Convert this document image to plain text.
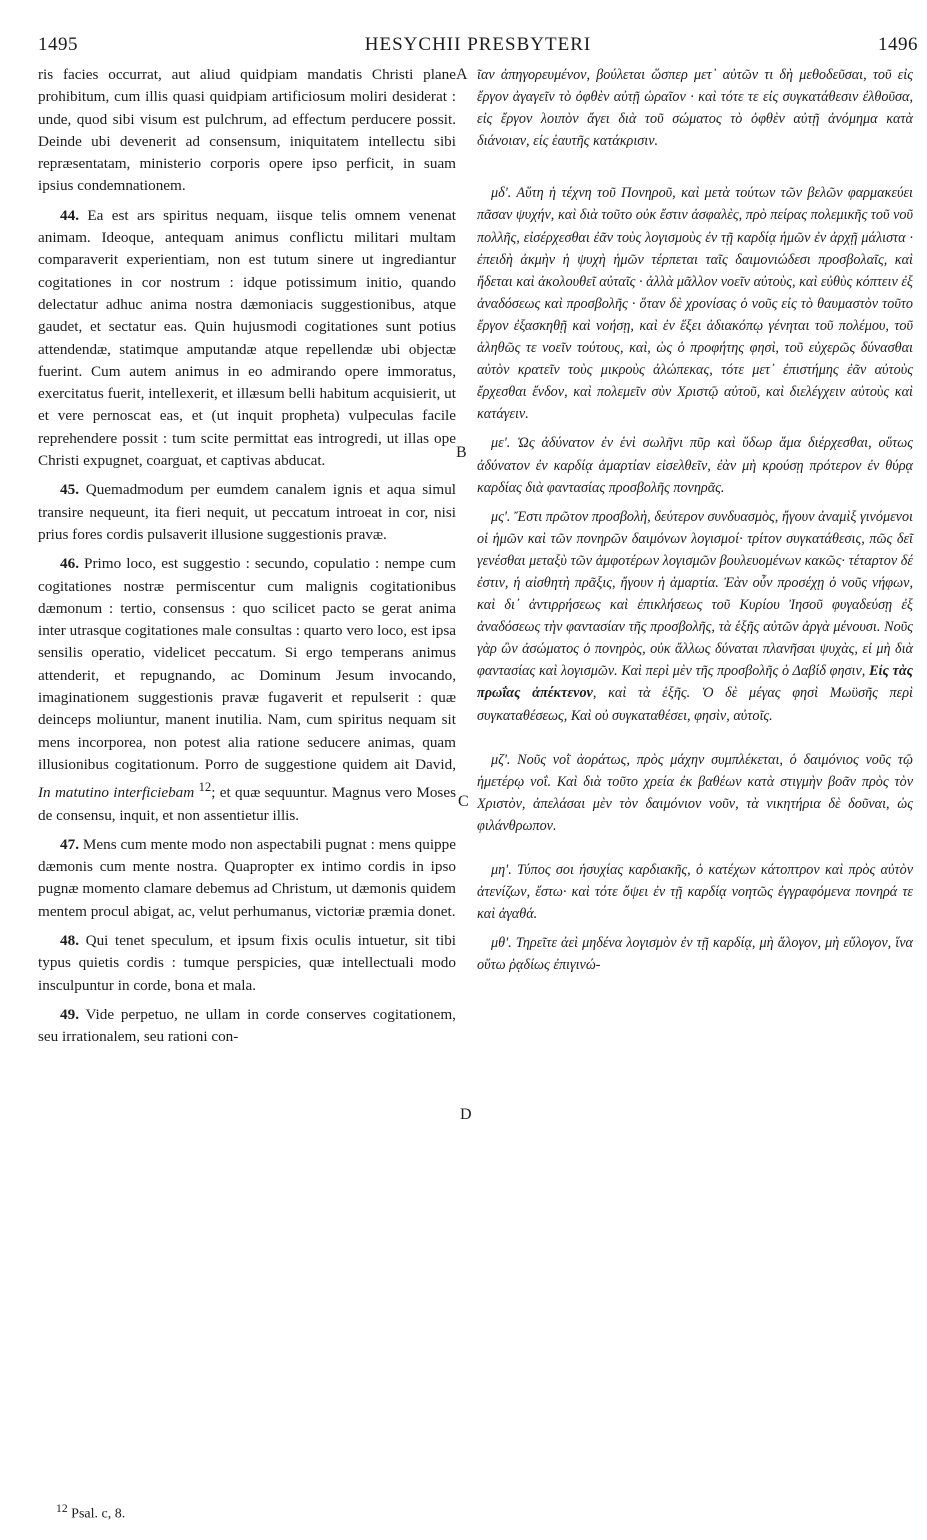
1495	HESYCHII PRESBYTERI	1496
A
B
C
D

ris facies occurrat, aut aliud quidpiam mandatis Christi plane prohibitum, cum illis quasi quidpiam artificiosum moliri desiderat : unde, quod sibi visum est pulchrum, ad effectum perducere possit. Deinde ubi devenerit ad consensum, iniquitatem intellectu sibi repræsentatam, ministerio corporis opere ipso perficit, in suam ipsius condemnationem.

44. Ea est ars spiritus nequam, iisque telis omnem venenat animam. Ideoque, antequam animus conflictu militari multam comparaverit experientiam, non est tutum sinere ut ingrediantur cogitationes in cor nostrum : idque potissimum initio, quando delectatur adhuc anima nostra dæmoniacis suggestionibus, atque gaudet, et sectatur eas. Quin hujusmodi cogitationes sunt potius attendendæ, statimque amputandæ atque repellendæ ubi objectæ fuerint. Cum autem animus in eo admirando opere immoratus, exercitatus fuerit, intellexerit, et illæsum belli habitum acquisierit, ut et vere pernoscat eas, et (ut inquit propheta) vulpeculas facile reprehendere possit : tum scite permittat eas introgredi, ut illas ope Christi expugnet, coarguat, et captivas abducat.

45. Quemadmodum per eumdem canalem ignis et aqua simul transire nequeunt, ita fieri nequit, ut peccatum introeat in cor, nisi prius fores cordis pulsaverit illusione suggestionis pravæ.

46. Primo loco, est suggestio : secundo, copulatio : nempe cum cogitationes nostræ permiscentur cum malignis cogitationibus dæmonum : tertio, consensus : quo scilicet pacto se gerat anima inter utrasque cogitationes male consultas : quarto vero loco, est ipsa sensilis operatio, videlicet peccatum. Si ergo temperans animus attenderit, et repugnando, ac Dominum Jesum invocando, imaginationem suggestionis pravæ fugaverit et repulserit : quæ deinceps moliuntur, manent inutilia. Nam, cum spiritus nequam sit mens incorporea, non potest alia ratione seducere animas, quam illusionibus cogitationum. Porro de suggestione quidem ait David, In matutino interficiebam $^{12}$; et quæ sequuntur. Magnus vero Moses de consensu, inquit, et non assentietur illis.

47. Mens cum mente modo non aspectabili pugnat : mens quippe dæmonis cum mente nostra. Quapropter ex intimo cordis in ipso pugnæ momento clamare debemus ad Christum, ut dæmonis quidem mentem procul abigat, ac, velut perhumanus, victoriæ præmia donet.

48. Qui tenet speculum, et ipsum fixis oculis intuetur, sit tibi typus quietis cordis : tumque perspicies, quæ intellectuali modo insculpuntur in corde, bona et mala.

49. Vide perpetuo, ne ullam in corde conserves cogitationem, seu irrationalem, seu rationi con-

ῖαν ἀπηγορευμένον, βούλεται ὥσπερ μετ᾽ αὐτῶν τι δὴ μεθοδεῦσαι, τοῦ εἰς ἔργον ἀγαγεῖν τὸ ὀφθὲν αὐτῇ ὡραῖον · καὶ τότε τε εἰς συγκατάθεσιν ἐλθοῦσα, εἰς ἔργον λοιπὸν ἄγει διὰ τοῦ σώματος τὸ ὀφθὲν αὐτῇ ἀνόμημα κατὰ διάνοιαν, εἰς ἑαυτῆς κατάκρισιν.

μδ'. Αὕτη ἡ τέχνη τοῦ Πονηροῦ, καὶ μετὰ τούτων τῶν βελῶν φαρμακεύει πᾶσαν ψυχήν, καὶ διὰ τοῦτο οὐκ ἔστιν ἀσφαλὲς, πρὸ πείρας πολεμικῆς τοῦ νοῦ πολλῆς, εἰσέρχεσθαι ἐᾶν τοὺς λογισμοὺς ἐν τῇ καρδίᾳ ἡμῶν ἐν ἀρχῇ μάλιστα · ἐπειδὴ ἀκμὴν ἡ ψυχὴ ἡμῶν τέρπεται ταῖς δαιμονιώδεσι προσβολαῖς, καὶ ἥδεται καὶ ἀκολουθεῖ αὐταῖς · ἀλλὰ μᾶλλον νοεῖν αὐτοὺς, καὶ εὐθὺς κόπτειν ἐξ ἀναδόσεως καὶ προσβολῆς · ὅταν δὲ χρονίσας ὁ νοῦς εἰς τὸ θαυμαστὸν τοῦτο ἔργον ἐξασκηθῇ καὶ νοήσῃ, καὶ ἐν ἕξει ἀδιακόπῳ γένηται τοῦ πολέμου, τοῦ ἀληθῶς τε νοεῖν τούτους, καὶ, ὡς ὁ προφήτης φησὶ, τοῦ εὐχερῶς δύνασθαι αὐτὸν κρατεῖν τοὺς μικροὺς ἀλώπεκας, τότε μετ᾽ ἐπιστήμης ἐᾶν αὐτοὺς ἔρχεσθαι ἔνδον, καὶ πολεμεῖν σὺν Χριστῷ αὐτοῦ, καὶ διελέγχειν αὐτοὺς καὶ κατάγειν.

με'. Ὡς ἀδύνατον ἐν ἑνὶ σωλῆνι πῦρ καὶ ὕδωρ ἅμα διέρχεσθαι, οὕτως ἀδύνατον ἐν καρδίᾳ ἁμαρτίαν εἰσελθεῖν, ἐὰν μὴ κρούσῃ πρότερον ἐν θύρᾳ καρδίας διὰ φαντασίας προσβολῆς πονηρᾶς.

μς'. Ἔστι πρῶτον προσβολὴ, δεύτερον συνδυασμὸς, ἤγουν ἀναμὶξ γινόμενοι οἱ ἡμῶν καὶ τῶν πονηρῶν δαιμόνων λογισμοί· τρίτον συγκατάθεσις, πῶς δεῖ γενέσθαι μεταξὺ τῶν ἀμφοτέρων λογισμῶν βουλευομένων κακῶς· τέταρτον δέ ἐστιν, ἡ αἰσθητὴ πρᾶξις, ἤγουν ἡ ἁμαρτία. Ἐὰν οὖν προσέχῃ ὁ νοῦς νήφων, καὶ δι᾽ ἀντιρρήσεως καὶ ἐπικλήσεως τοῦ Κυρίου Ἰησοῦ φυγαδεύσῃ ἐξ ἀναδόσεως τὴν φαντασίαν τῆς προσβολῆς, τὰ ἑξῆς αὐτῶν ἀργὰ μένουσι. Νοῦς γὰρ ὢν ἀσώματος ὁ πονηρὸς, οὐκ ἄλλως δύναται πλανῆσαι ψυχὰς, εἰ μὴ διὰ φαντασίας καὶ λογισμῶν. Καὶ περὶ μὲν τῆς προσβολῆς ὁ Δαβίδ φησιν, Εἰς τὰς πρωΐας ἀπέκτενον, καὶ τὰ ἑξῆς. Ὁ δὲ μέγας φησὶ Μωϋσῆς περὶ συγκαταθέσεως, Καὶ οὐ συγκαταθέσει, φησὶν, αὐτοῖς.

μζ'. Νοῦς νοῒ ἀοράτως, πρὸς μάχην συμπλέκεται, ὁ δαιμόνιος νοῦς τῷ ἡμετέρῳ νοΐ. Καὶ διὰ τοῦτο χρεία ἐκ βαθέων κατὰ στιγμὴν βοᾶν πρὸς τὸν Χριστὸν, ἀπελάσαι μὲν τὸν δαιμόνιον νοῦν, τὰ νικητήρια δὲ δοῦναι, ὡς φιλάνθρωπον.

μη'. Τύπος σοι ἡσυχίας καρδιακῆς, ὁ κατέχων κάτοπτρον καὶ πρὸς αὐτὸν ἀτενίζων, ἔστω· καὶ τότε ὄψει ἐν τῇ καρδίᾳ νοητῶς ἐγγραφόμενα πονηρά τε καὶ ἀγαθά.

μθ'. Τηρεῖτε ἀεὶ μηδένα λογισμὸν ἐν τῇ καρδίᾳ, μὴ ἄλογον, μὴ εὔλογον, ἵνα οὕτω ῥᾳδίως ἐπιγινώ-

$^{12}$ Psal. c, 8.
